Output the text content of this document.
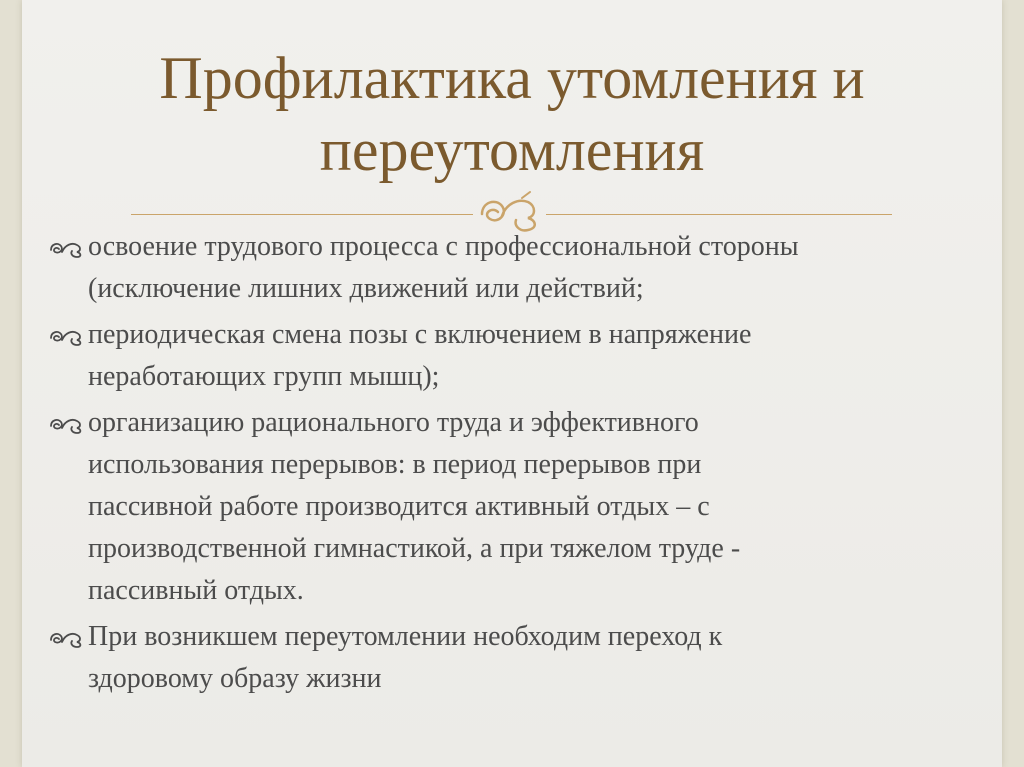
Профилактика утомления и
переутомления
освоение трудового процесса с профессиональной стороны
(исключение лишних движений или действий;
периодическая смена позы с включением в напряжение
неработающих групп мышц);
организацию рационального труда и эффективного
использования перерывов: в период перерывов при
пассивной работе производится активный отдых – с
производственной гимнастикой, а при тяжелом труде -
пассивный отдых.
При возникшем переутомлении необходим переход к
здоровому образу жизни
